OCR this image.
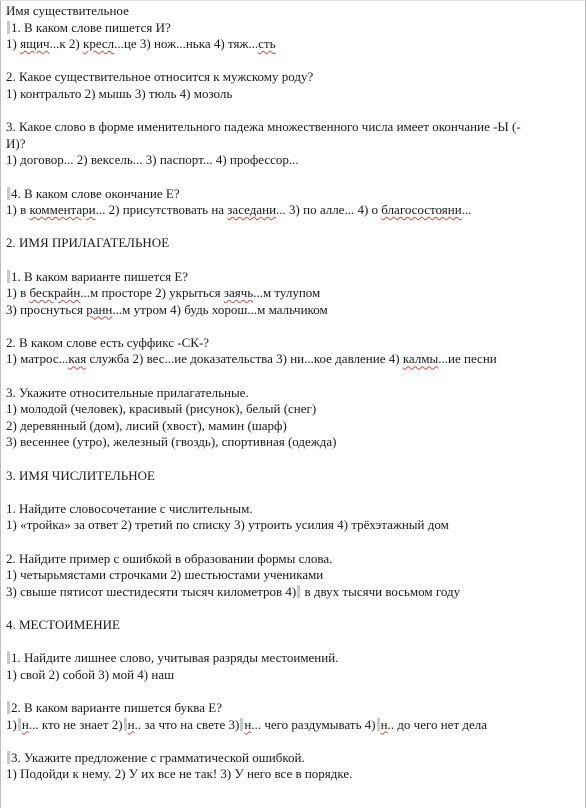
Имя существительное
1. В каком слове пишется И?
1) ящич...к 2) кресл...це 3) нож...нька 4) тяж...сть
2. Какое существительное относится к мужскому роду?
1) контральто 2) мышь 3) тюль 4) мозоль
3. Какое слово в форме именительного падежа множественного числа имеет окончание -Ы (-
И)?
1) договор... 2) вексель... 3) паспорт... 4) профессор...
4. В каком слове окончание Е?
1) в комментари... 2) присутствовать на заседани... 3) по алле... 4) о благосостояни...
2. ИМЯ ПРИЛАГАТЕЛЬНОЕ
1. В каком варианте пишется Е?
1) в бескрайн...м просторе 2) укрыться заячь...м тулупом
3) проснуться ранн...м утром 4) будь хорош...м мальчиком
2. В каком слове есть суффикс -СК-?
1) матрос...кая служба 2) вес...ие доказательства 3) ни...кое давление 4) калмы...ие песни
3. Укажите относительные прилагательные.
1) молодой (человек), красивый (рисунок), белый (снег)
2) деревянный (дом), лисий (хвост), мамин (шарф)
3) весеннее (утро), железный (гвоздь), спортивная (одежда)
3. ИМЯ ЧИСЛИТЕЛЬНОЕ
1. Найдите словосочетание с числительным.
1) «тройка» за ответ 2) третий по списку 3) утроить усилия 4) трёхэтажный дом
2. Найдите пример с ошибкой в образовании формы слова.
1) четырьмястами строчками 2) шестьюстами учениками
3) свыше пятисот шестидесяти тысяч километров 4) в двух тысячи восьмом году
4. МЕСТОИМЕНИЕ
1. Найдите лишнее слово, учитывая разряды местоимений.
1) свой 2) собой 3) мой 4) наш
2. В каком варианте пишется буква Е?
1) н... кто не знает 2) н.. за что на свете 3) н... чего раздумывать 4) н.. до чего нет дела
3. Укажите предложение с грамматической ошибкой.
1) Подойди к нему. 2) У их все не так! 3) У него все в порядке.
